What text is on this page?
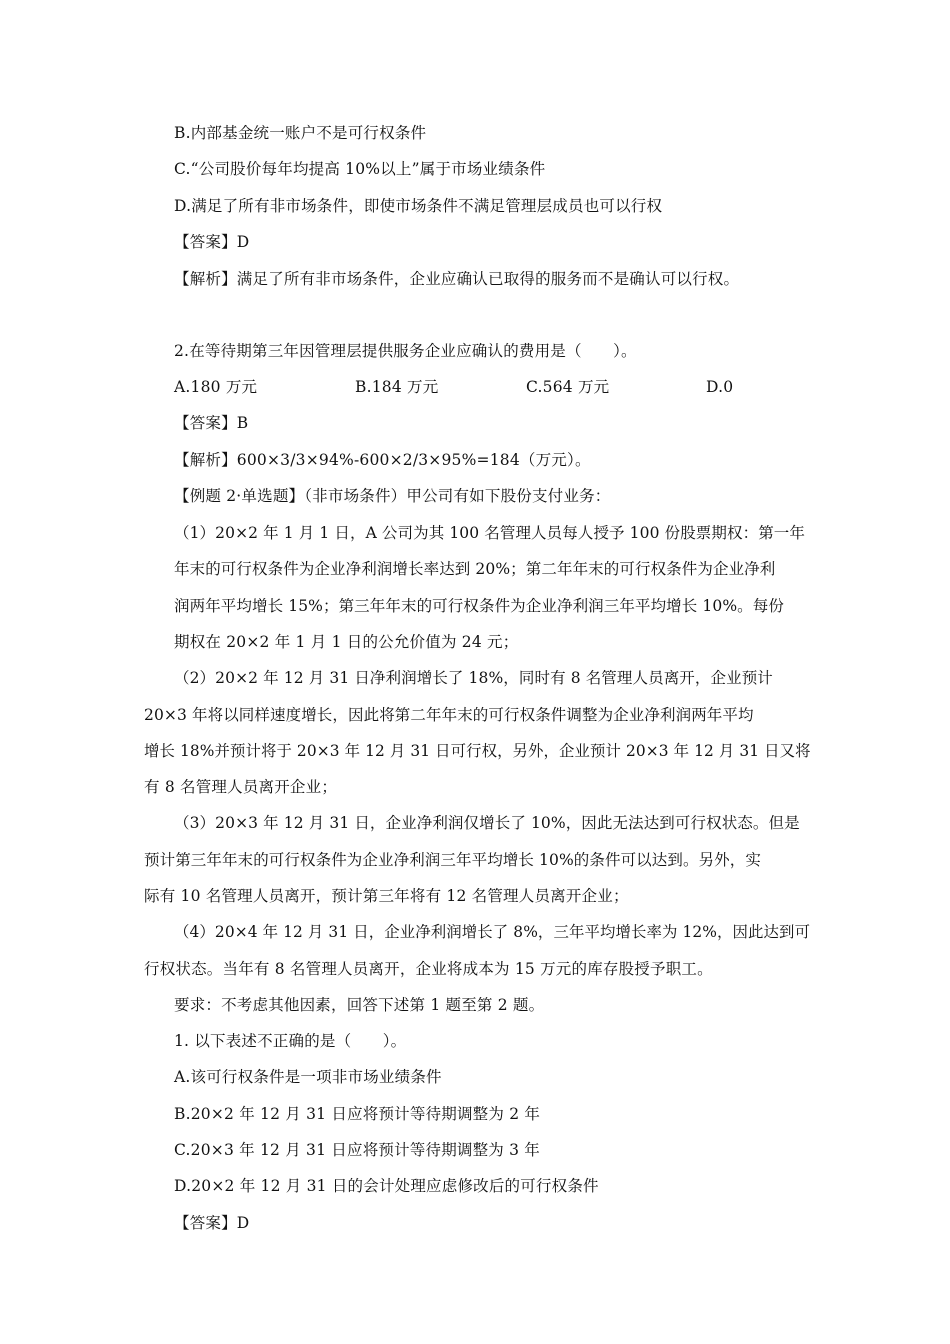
B.内部基金统一账户不是可行权条件
C.“公司股价每年均提高 10%以上”属于市场业绩条件
D.满足了所有非市场条件，即使市场条件不满足管理层成员也可以行权
【答案】D
【解析】满足了所有非市场条件，企业应确认已取得的服务而不是确认可以行权。
2.在等待期第三年因管理层提供服务企业应确认的费用是（　　）。
A.180 万元	B.184 万元	C.564 万元	D.0
【答案】B
【解析】600×3/3×94%-600×2/3×95%=184（万元）。
【例题 2·单选题】（非市场条件）甲公司有如下股份支付业务：
（1）20×2 年 1 月 1 日，A 公司为其 100 名管理人员每人授予 100 份股票期权：第一年
年末的可行权条件为企业净利润增长率达到 20%；第二年年末的可行权条件为企业净利
润两年平均增长 15%；第三年年末的可行权条件为企业净利润三年平均增长 10%。每份
期权在 20×2 年 1 月 1 日的公允价值为 24 元；
（2）20×2 年 12 月 31 日净利润增长了 18%，同时有 8 名管理人员离开，企业预计
20×3 年将以同样速度增长，因此将第二年年末的可行权条件调整为企业净利润两年平均
增长 18%并预计将于 20×3 年 12 月 31 日可行权，另外，企业预计 20×3 年 12 月 31 日又将
有 8 名管理人员离开企业；
（3）20×3 年 12 月 31 日，企业净利润仅增长了 10%，因此无法达到可行权状态。但是
预计第三年年末的可行权条件为企业净利润三年平均增长 10%的条件可以达到。另外，实
际有 10 名管理人员离开，预计第三年将有 12 名管理人员离开企业；
（4）20×4 年 12 月 31 日，企业净利润增长了 8%，三年平均增长率为 12%，因此达到可
行权状态。当年有 8 名管理人员离开，企业将成本为 15 万元的库存股授予职工。
要求：不考虑其他因素，回答下述第 1 题至第 2 题。
1. 以下表述不正确的是（　　）。
A.该可行权条件是一项非市场业绩条件
B.20×2 年 12 月 31 日应将预计等待期调整为 2 年
C.20×3 年 12 月 31 日应将预计等待期调整为 3 年
D.20×2 年 12 月 31 日的会计处理应虑修改后的可行权条件
【答案】D
